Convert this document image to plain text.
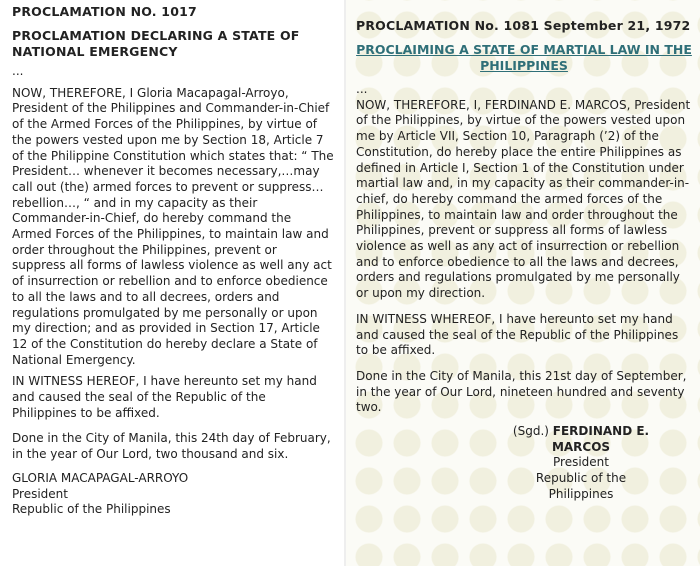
PROCLAMATION NO. 1017

PROCLAMATION DECLARING A STATE OF NATIONAL EMERGENCY

...

NOW, THEREFORE, I Gloria Macapagal-Arroyo, President of the Philippines and Commander-in-Chief of the Armed Forces of the Philippines, by virtue of the powers vested upon me by Section 18, Article 7 of the Philippine Constitution which states that: “ The President… whenever it becomes necessary,…may call out (the) armed forces to prevent or suppress… rebellion…, “ and in my capacity as their Commander-in-Chief, do hereby command the Armed Forces of the Philippines, to maintain law and order throughout the Philippines, prevent or suppress all forms of lawless violence as well any act of insurrection or rebellion and to enforce obedience to all the laws and to all decrees, orders and regulations promulgated by me personally or upon my direction; and as provided in Section 17, Article 12 of the Constitution do hereby declare a State of National Emergency.

IN WITNESS HEREOF, I have hereunto set my hand and caused the seal of the Republic of the Philippines to be affixed.

Done in the City of Manila, this 24th day of February, in the year of Our Lord, two thousand and six.

GLORIA MACAPAGAL-ARROYO

President

Republic of the Philippines

PROCLAMATION No. 1081 September 21, 1972

PROCLAIMING A STATE OF MARTIAL LAW IN THE PHILIPPINES

...

NOW, THEREFORE, I, FERDINAND E. MARCOS, President of the Philippines, by virtue of the powers vested upon me by Article VII, Section 10, Paragraph (’2) of the Constitution, do hereby place the entire Philippines as defined in Article I, Section 1 of the Constitution under martial law and, in my capacity as their commander-in-chief, do hereby command the armed forces of the Philippines, to maintain law and order throughout the Philippines, prevent or suppress all forms of lawless violence as well as any act of insurrection or rebellion and to enforce obedience to all the laws and decrees, orders and regulations promulgated by me personally or upon my direction.

IN WITNESS WHEREOF, I have hereunto set my hand and caused the seal of the Republic of the Philippines to be affixed.

Done in the City of Manila, this 21st day of September, in the year of Our Lord, nineteen hundred and seventy two.

(Sgd.) FERDINAND E. MARCOS

President

Republic of the Philippines
